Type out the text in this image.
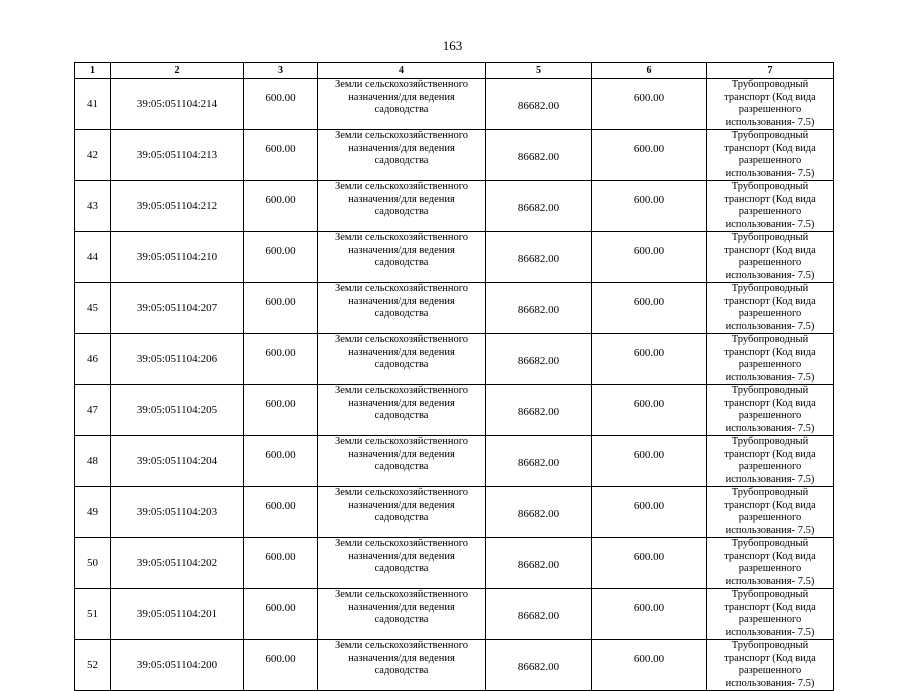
163
1	2	3	4	5	6	7
41	39:05:051104:214	600.00	Земли сельскохозяйственного назначения/для ведения садоводства	86682.00	600.00	Трубопроводный транспорт (Код вида разрешенного использования- 7.5)
42	39:05:051104:213	600.00	Земли сельскохозяйственного назначения/для ведения садоводства	86682.00	600.00	Трубопроводный транспорт (Код вида разрешенного использования- 7.5)
43	39:05:051104:212	600.00	Земли сельскохозяйственного назначения/для ведения садоводства	86682.00	600.00	Трубопроводный транспорт (Код вида разрешенного использования- 7.5)
44	39:05:051104:210	600.00	Земли сельскохозяйственного назначения/для ведения садоводства	86682.00	600.00	Трубопроводный транспорт (Код вида разрешенного использования- 7.5)
45	39:05:051104:207	600.00	Земли сельскохозяйственного назначения/для ведения садоводства	86682.00	600.00	Трубопроводный транспорт (Код вида разрешенного использования- 7.5)
46	39:05:051104:206	600.00	Земли сельскохозяйственного назначения/для ведения садоводства	86682.00	600.00	Трубопроводный транспорт (Код вида разрешенного использования- 7.5)
47	39:05:051104:205	600.00	Земли сельскохозяйственного назначения/для ведения садоводства	86682.00	600.00	Трубопроводный транспорт (Код вида разрешенного использования- 7.5)
48	39:05:051104:204	600.00	Земли сельскохозяйственного назначения/для ведения садоводства	86682.00	600.00	Трубопроводный транспорт (Код вида разрешенного использования- 7.5)
49	39:05:051104:203	600.00	Земли сельскохозяйственного назначения/для ведения садоводства	86682.00	600.00	Трубопроводный транспорт (Код вида разрешенного использования- 7.5)
50	39:05:051104:202	600.00	Земли сельскохозяйственного назначения/для ведения садоводства	86682.00	600.00	Трубопроводный транспорт (Код вида разрешенного использования- 7.5)
51	39:05:051104:201	600.00	Земли сельскохозяйственного назначения/для ведения садоводства	86682.00	600.00	Трубопроводный транспорт (Код вида разрешенного использования- 7.5)
52	39:05:051104:200	600.00	Земли сельскохозяйственного назначения/для ведения садоводства	86682.00	600.00	Трубопроводный транспорт (Код вида разрешенного использования- 7.5)
